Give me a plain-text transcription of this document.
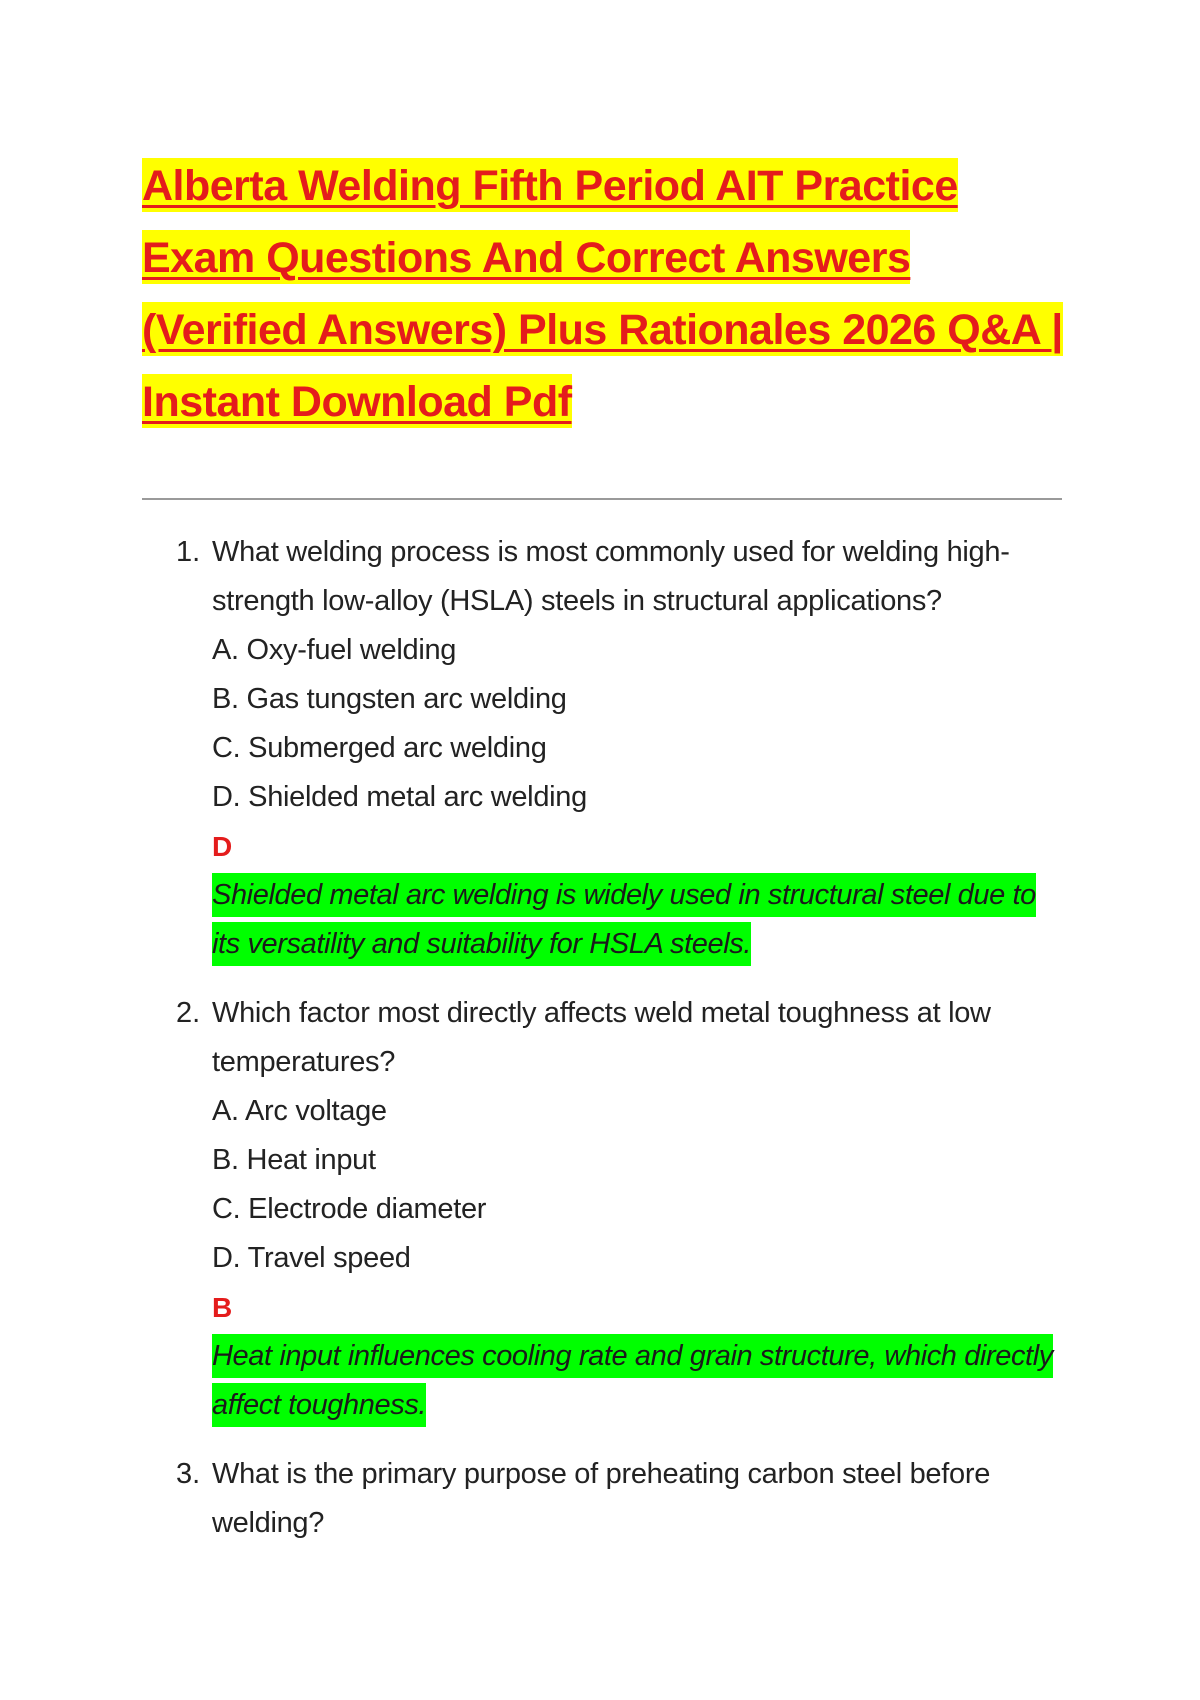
Alberta Welding Fifth Period AIT Practice Exam Questions And Correct Answers (Verified Answers) Plus Rationales 2026 Q&A | Instant Download Pdf
1. What welding process is most commonly used for welding high-strength low-alloy (HSLA) steels in structural applications?
A. Oxy-fuel welding
B. Gas tungsten arc welding
C. Submerged arc welding
D. Shielded metal arc welding
D
Shielded metal arc welding is widely used in structural steel due to its versatility and suitability for HSLA steels.
2. Which factor most directly affects weld metal toughness at low temperatures?
A. Arc voltage
B. Heat input
C. Electrode diameter
D. Travel speed
B
Heat input influences cooling rate and grain structure, which directly affect toughness.
3. What is the primary purpose of preheating carbon steel before welding?
